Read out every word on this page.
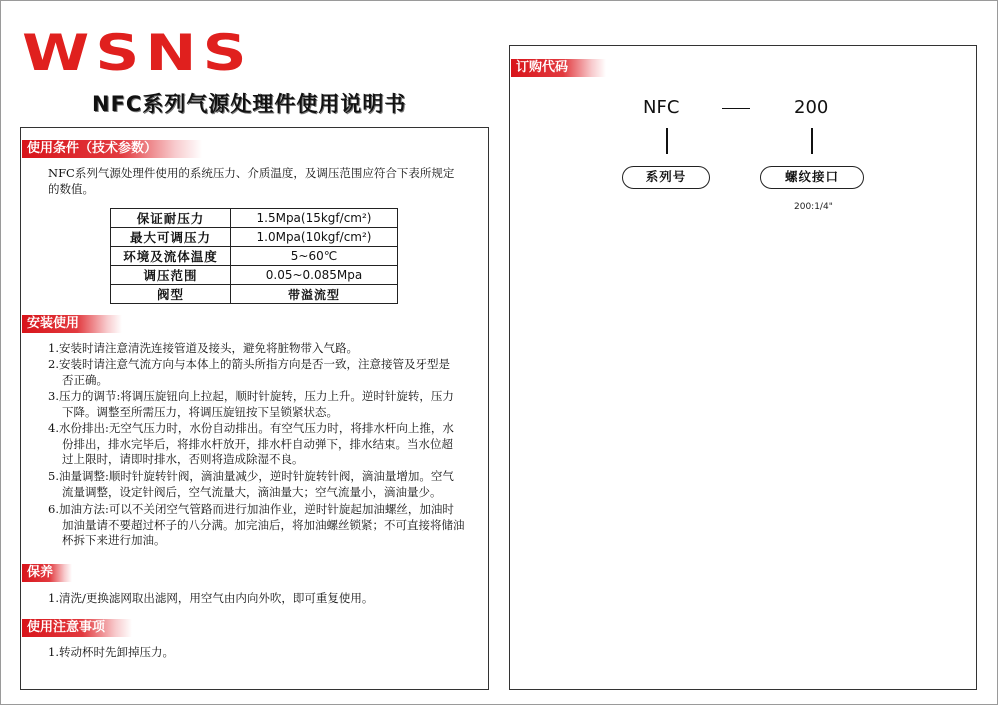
WSNS
NFC系列气源处理件使用说明书
使用条件（技术参数）
NFC系列气源处理件使用的系统压力、介质温度，及调压范围应符合下表所规定
的数值。
保证耐压力	1.5Mpa(15kgf/cm²)
最大可调压力	1.0Mpa(10kgf/cm²)
环境及流体温度	5~60℃
调压范围	0.05~0.085Mpa
阀型	带溢流型
安装使用
1.安装时请注意清洗连接管道及接头，避免将脏物带入气路。
2.安装时请注意气流方向与本体上的箭头所指方向是否一致，注意接管及牙型是
否正确。
3.压力的调节:将调压旋钮向上拉起，顺时针旋转，压力上升。逆时针旋转，压力
下降。调整至所需压力，将调压旋钮按下呈锁紧状态。
4.水份排出:无空气压力时，水份自动排出。有空气压力时，将排水杆向上推，水
份排出，排水完毕后，将排水杆放开，排水杆自动弹下，排水结束。当水位超
过上限时，请即时排水，否则将造成除湿不良。
5.油量调整:顺时针旋转针阀，滴油量减少，逆时针旋转针阀，滴油量增加。空气
流量调整，设定针阀后，空气流量大，滴油量大；空气流量小，滴油量少。
6.加油方法:可以不关闭空气管路而进行加油作业，逆时针旋起加油螺丝，加油时
加油量请不要超过杯子的八分满。加完油后，将加油螺丝锁紧；不可直接将储油
杯拆下来进行加油。
保养
1.清洗/更换滤网取出滤网，用空气由内向外吹，即可重复使用。
使用注意事项
1.转动杯时先卸掉压力。
订购代码
NFC	200
系列号	螺纹接口
200:1/4"
